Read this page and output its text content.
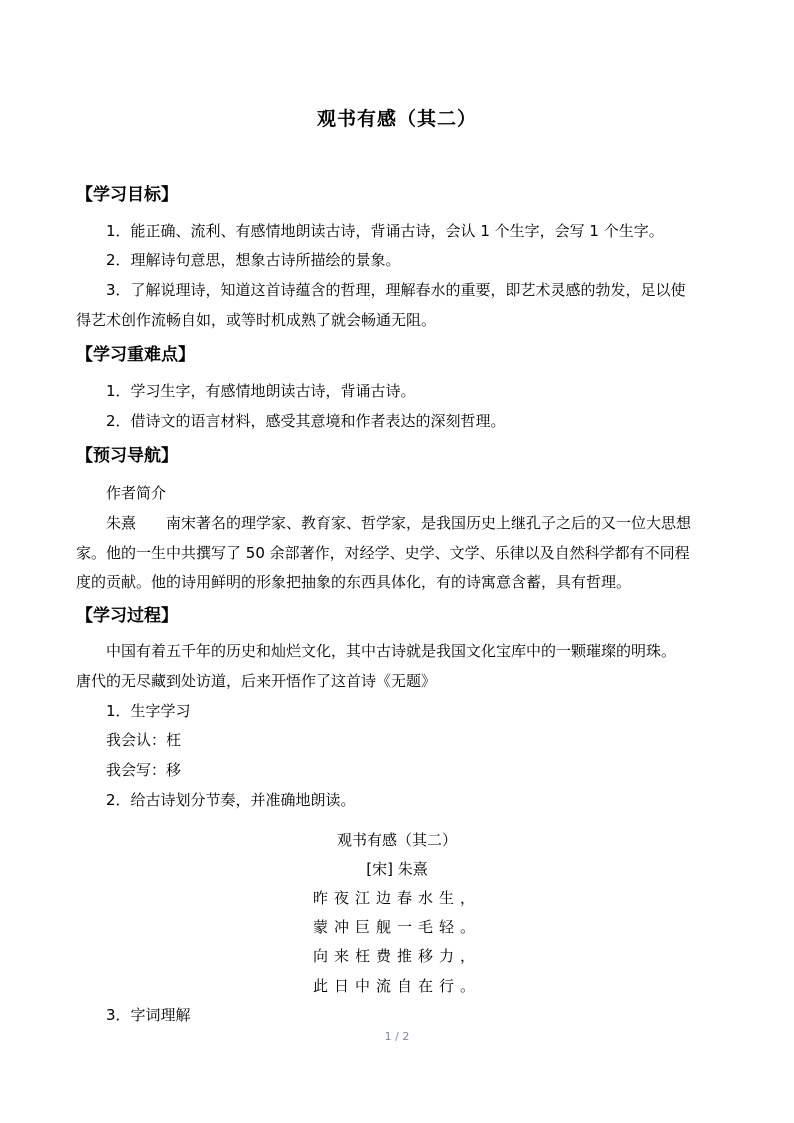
观书有感（其二）
【学习目标】
1．能正确、流利、有感情地朗读古诗，背诵古诗，会认 1 个生字，会写 1 个生字。
2．理解诗句意思，想象古诗所描绘的景象。
3．了解说理诗，知道这首诗蕴含的哲理，理解春水的重要，即艺术灵感的勃发，足以使
得艺术创作流畅自如，或等时机成熟了就会畅通无阻。
【学习重难点】
1．学习生字，有感情地朗读古诗，背诵古诗。
2．借诗文的语言材料，感受其意境和作者表达的深刻哲理。
【预习导航】
作者简介
朱熹　　南宋著名的理学家、教育家、哲学家，是我国历史上继孔子之后的又一位大思想
家。他的一生中共撰写了 50 余部著作，对经学、史学、文学、乐律以及自然科学都有不同程
度的贡献。他的诗用鲜明的形象把抽象的东西具体化，有的诗寓意含蓄，具有哲理。
【学习过程】
中国有着五千年的历史和灿烂文化，其中古诗就是我国文化宝库中的一颗璀璨的明珠。
唐代的无尽藏到处访道，后来开悟作了这首诗《无题》
1．生字学习
我会认：枉
我会写：移
2．给古诗划分节奏，并准确地朗读。
观书有感（其二）
[宋] 朱熹
昨夜江边春水生，
蒙冲巨舰一毛轻。
向来枉费推移力，
此日中流自在行。
3．字词理解
1 / 2
